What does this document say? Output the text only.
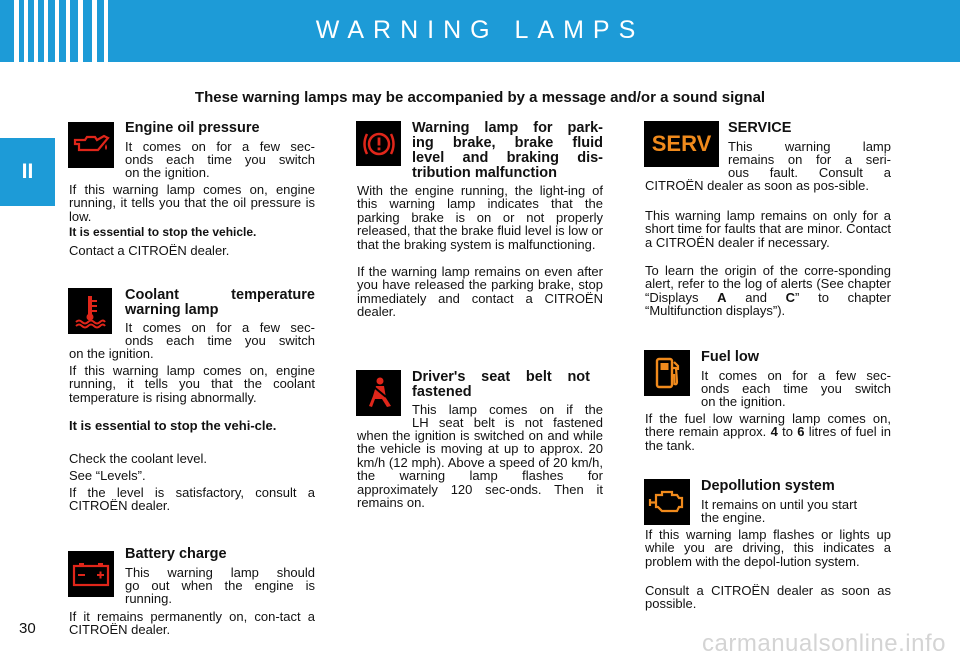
WARNING LAMPS
II
These warning lamps may be accompanied by a message and/or a sound signal
Engine oil pressure
It comes on for a few sec-
onds each time you switch
on the ignition.
If this warning lamp comes on, engine running, it tells you that the oil pressure is low.
It is essential to stop the vehicle.
Contact a CITROËN dealer.
Coolant temperature
warning lamp
It comes on for a few sec-
onds each time you switch
on the ignition.
If this warning lamp comes on, engine running, it tells you that the coolant temperature is rising abnormally.
It is essential to stop the vehi-cle.
Check the coolant level.
See “Levels”.
If the level is satisfactory, consult a CITROËN dealer.
Battery charge
This warning lamp should
go out when the engine is
running.
If it remains permanently on, con-tact a CITROËN dealer.
Warning lamp for park-
ing brake, brake fluid
level and braking dis-
tribution malfunction
With the engine running, the light-ing of this warning lamp indicates that the parking brake is on or not properly released, that the brake fluid level is low or that the braking system is malfunctioning.
If the warning lamp remains on even after you have released the parking brake, stop immediately and contact a CITROËN dealer.
Driver's seat belt not
fastened
This lamp comes on if the
LH seat belt is not fastened
when the ignition is switched on and while the vehicle is moving at up to approx. 20 km/h (12 mph). Above a speed of 20 km/h, the warning lamp flashes for approximately 120 sec-onds. Then it remains on.
SERV
SERVICE
This warning lamp
remains on for a seri-
ous fault. Consult a
CITROËN dealer as soon as pos-sible.
This warning lamp remains on only for a short time for faults that are minor. Contact a CITROËN dealer if necessary.
To learn the origin of the corre-sponding alert, refer to the log of alerts (See chapter “Displays A and C” to chapter “Multifunction displays”).
Fuel low
It comes on for a few sec-
onds each time you switch
on the ignition.
If the fuel low warning lamp comes on, there remain approx. 4 to 6 litres of fuel in the tank.
Depollution system
It remains on until you start
the engine.
If this warning lamp flashes or lights up while you are driving, this indicates a problem with the depol-lution system.
Consult a CITROËN dealer as soon as possible.
30
carmanualsonline.info
